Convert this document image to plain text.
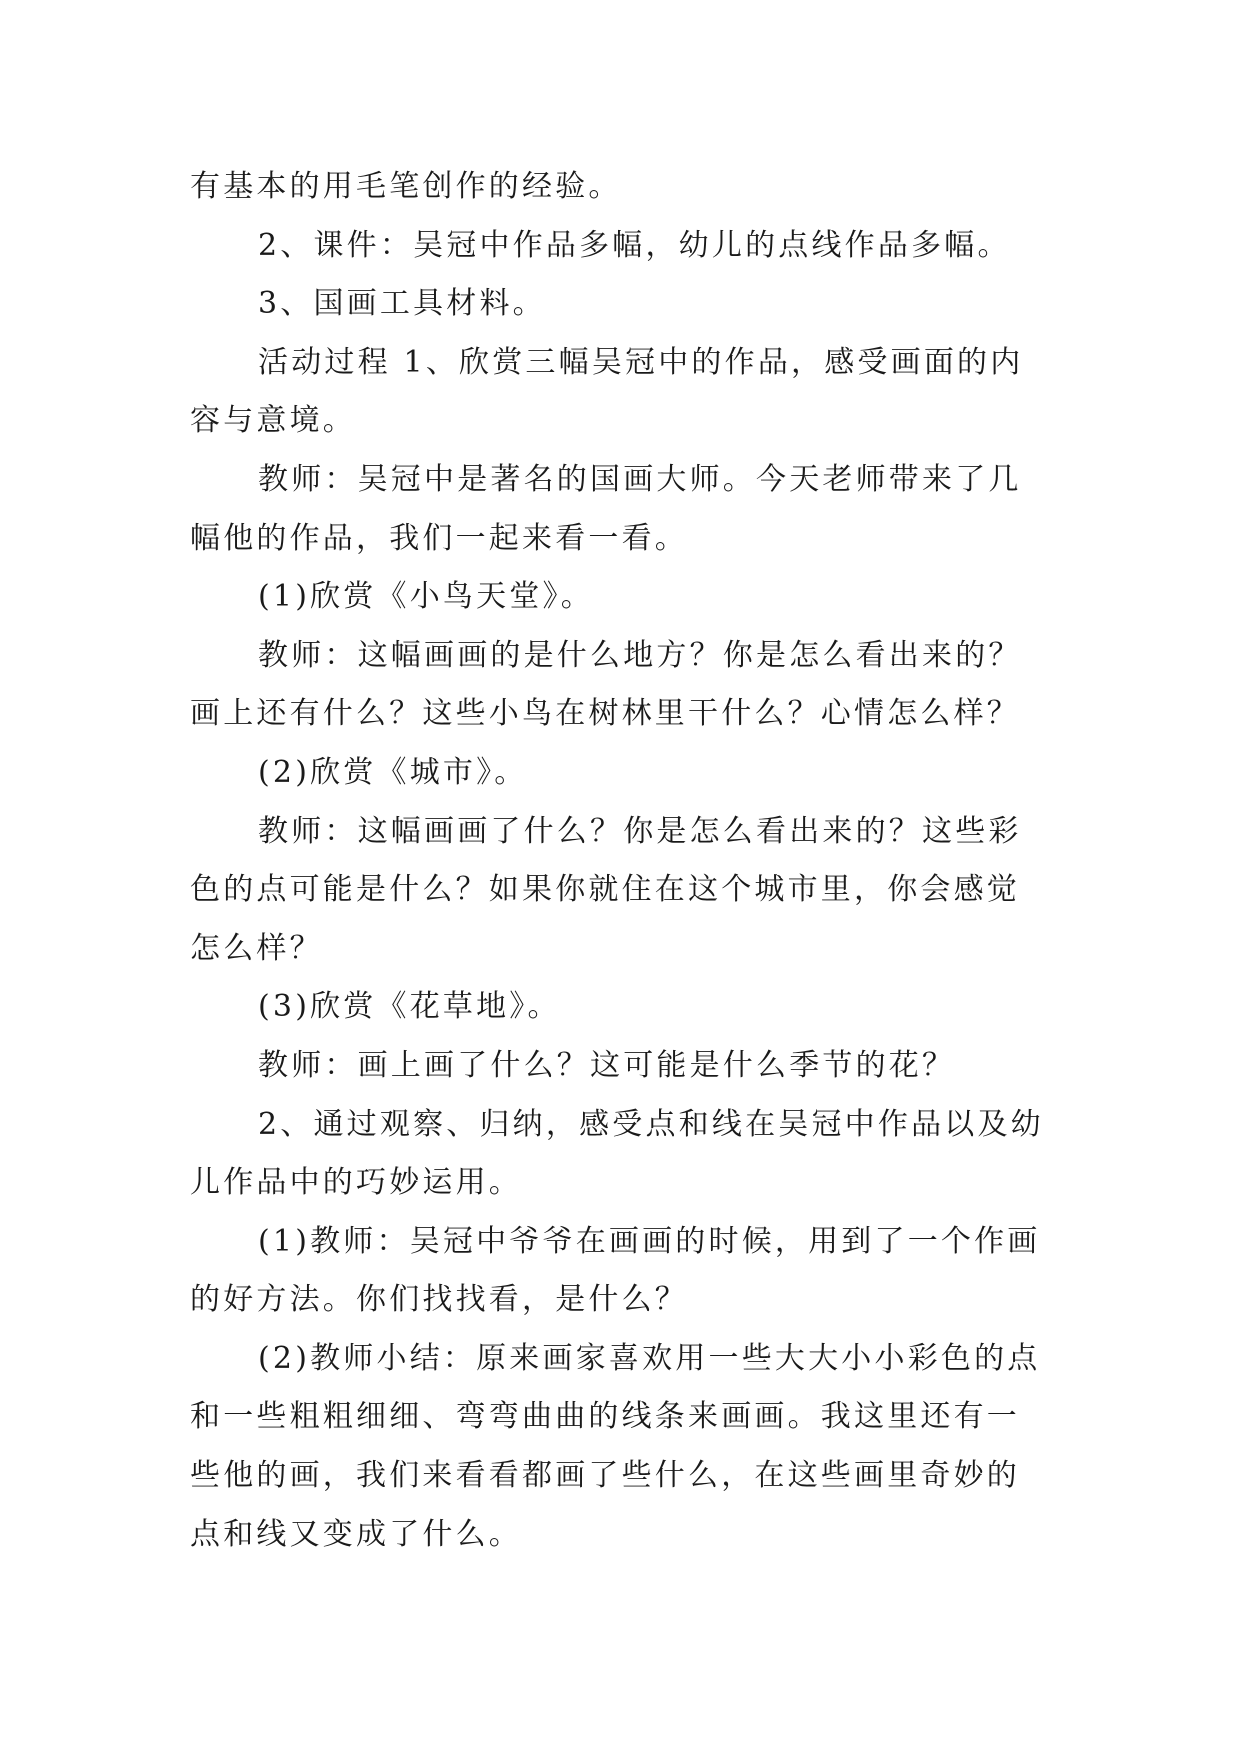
有基本的用毛笔创作的经验。

2、课件：吴冠中作品多幅，幼儿的点线作品多幅。

3、国画工具材料。

活动过程 1、欣赏三幅吴冠中的作品，感受画面的内容与意境。

教师：吴冠中是著名的国画大师。今天老师带来了几幅他的作品，我们一起来看一看。

(1)欣赏《小鸟天堂》。

教师：这幅画画的是什么地方？你是怎么看出来的？画上还有什么？这些小鸟在树林里干什么？心情怎么样？

(2)欣赏《城市》。

教师：这幅画画了什么？你是怎么看出来的？这些彩色的点可能是什么？如果你就住在这个城市里，你会感觉怎么样？

(3)欣赏《花草地》。

教师：画上画了什么？这可能是什么季节的花？

2、通过观察、归纳，感受点和线在吴冠中作品以及幼儿作品中的巧妙运用。

(1)教师：吴冠中爷爷在画画的时候，用到了一个作画的好方法。你们找找看，是什么？

(2)教师小结：原来画家喜欢用一些大大小小彩色的点和一些粗粗细细、弯弯曲曲的线条来画画。我这里还有一些他的画，我们来看看都画了些什么，在这些画里奇妙的点和线又变成了什么。
